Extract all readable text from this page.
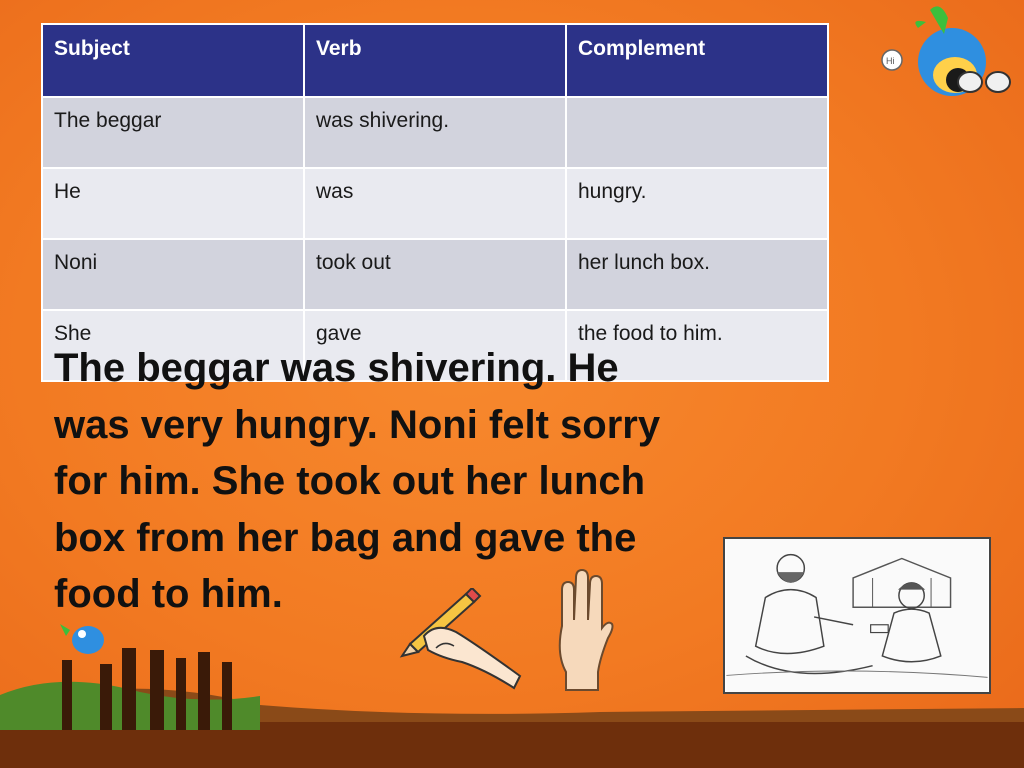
Hi
Subject	Verb	Complement
The beggar	was shivering.	
He	was	hungry.
Noni	took out	her lunch box.
She	gave	the food to him.

The beggar was shivering. He
was very hungry. Noni felt sorry
for him. She took out her lunch
box from her bag and gave the
food to him.
